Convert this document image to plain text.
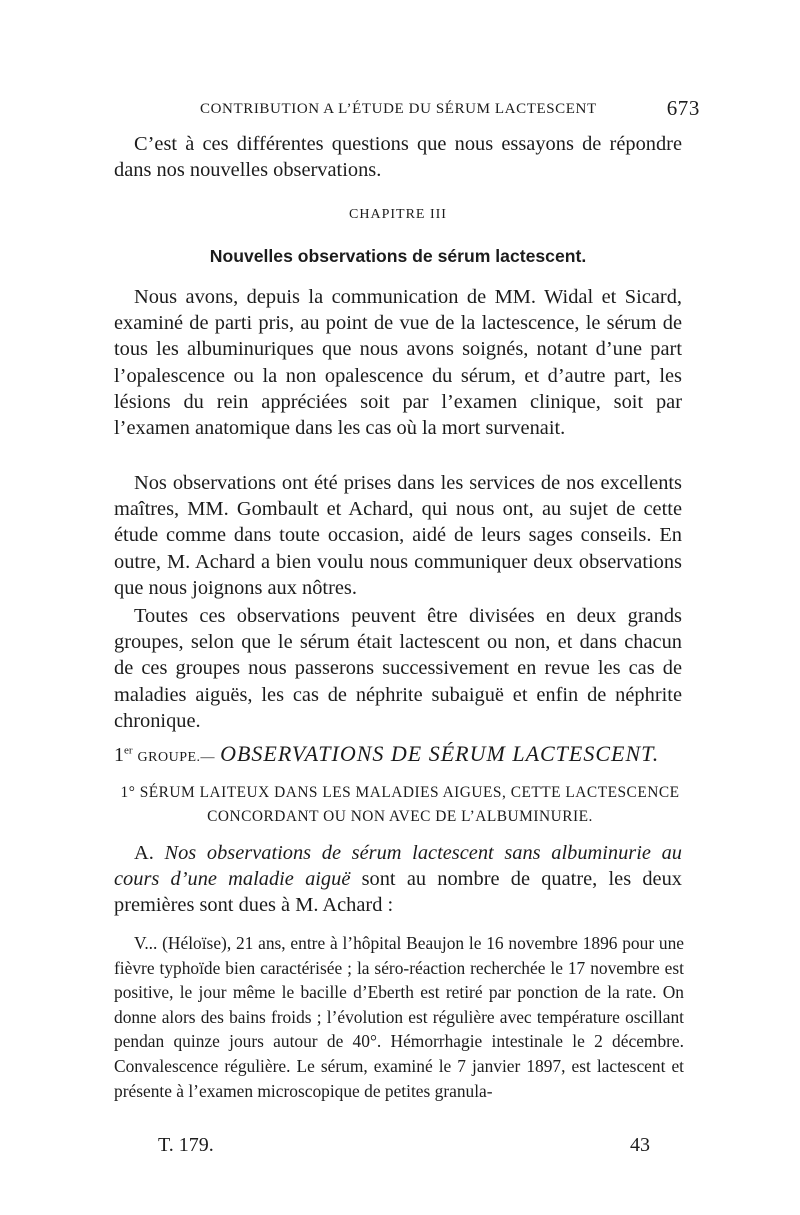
CONTRIBUTION A L’ÉTUDE DU SÉRUM LACTESCENT	673

C’est à ces différentes questions que nous essayons de répondre dans nos nouvelles observations.

CHAPITRE III
Nouvelles observations de sérum lactescent.

Nous avons, depuis la communication de MM. Widal et Sicard, examiné de parti pris, au point de vue de la lactescence, le sérum de tous les albuminuriques que nous avons soignés, notant d’une part l’opalescence ou la non opalescence du sérum, et d’autre part, les lésions du rein appréciées soit par l’examen clinique, soit par l’examen anatomique dans les cas où la mort survenait.

Nos observations ont été prises dans les services de nos excellents maîtres, MM. Gombault et Achard, qui nous ont, au sujet de cette étude comme dans toute occasion, aidé de leurs sages conseils. En outre, M. Achard a bien voulu nous communiquer deux observations que nous joignons aux nôtres.

Toutes ces observations peuvent être divisées en deux grands groupes, selon que le sérum était lactescent ou non, et dans chacun de ces groupes nous passerons successivement en revue les cas de maladies aiguës, les cas de néphrite subaiguë et enfin de néphrite chronique.

1er GROUPE.— OBSERVATIONS DE SÉRUM LACTESCENT.
1° SÉRUM LAITEUX DANS LES MALADIES AIGUES, CETTE LACTESCENCE
CONCORDANT OU NON AVEC DE L’ALBUMINURIE.

A. Nos observations de sérum lactescent sans albuminurie au cours d’une maladie aiguë sont au nombre de quatre, les deux premières sont dues à M. Achard :

V... (Héloïse), 21 ans, entre à l’hôpital Beaujon le 16 novembre 1896 pour une fièvre typhoïde bien caractérisée ; la séro-réaction recherchée le 17 novembre est positive, le jour même le bacille d’Eberth est retiré par ponction de la rate. On donne alors des bains froids ; l’évolution est régulière avec température oscillant pendan quinze jours autour de 40°. Hémorrhagie intestinale le 2 décembre. Convalescence régulière. Le sérum, examiné le 7 janvier 1897, est lactescent et présente à l’examen microscopique de petites granula-

T. 179.	43
